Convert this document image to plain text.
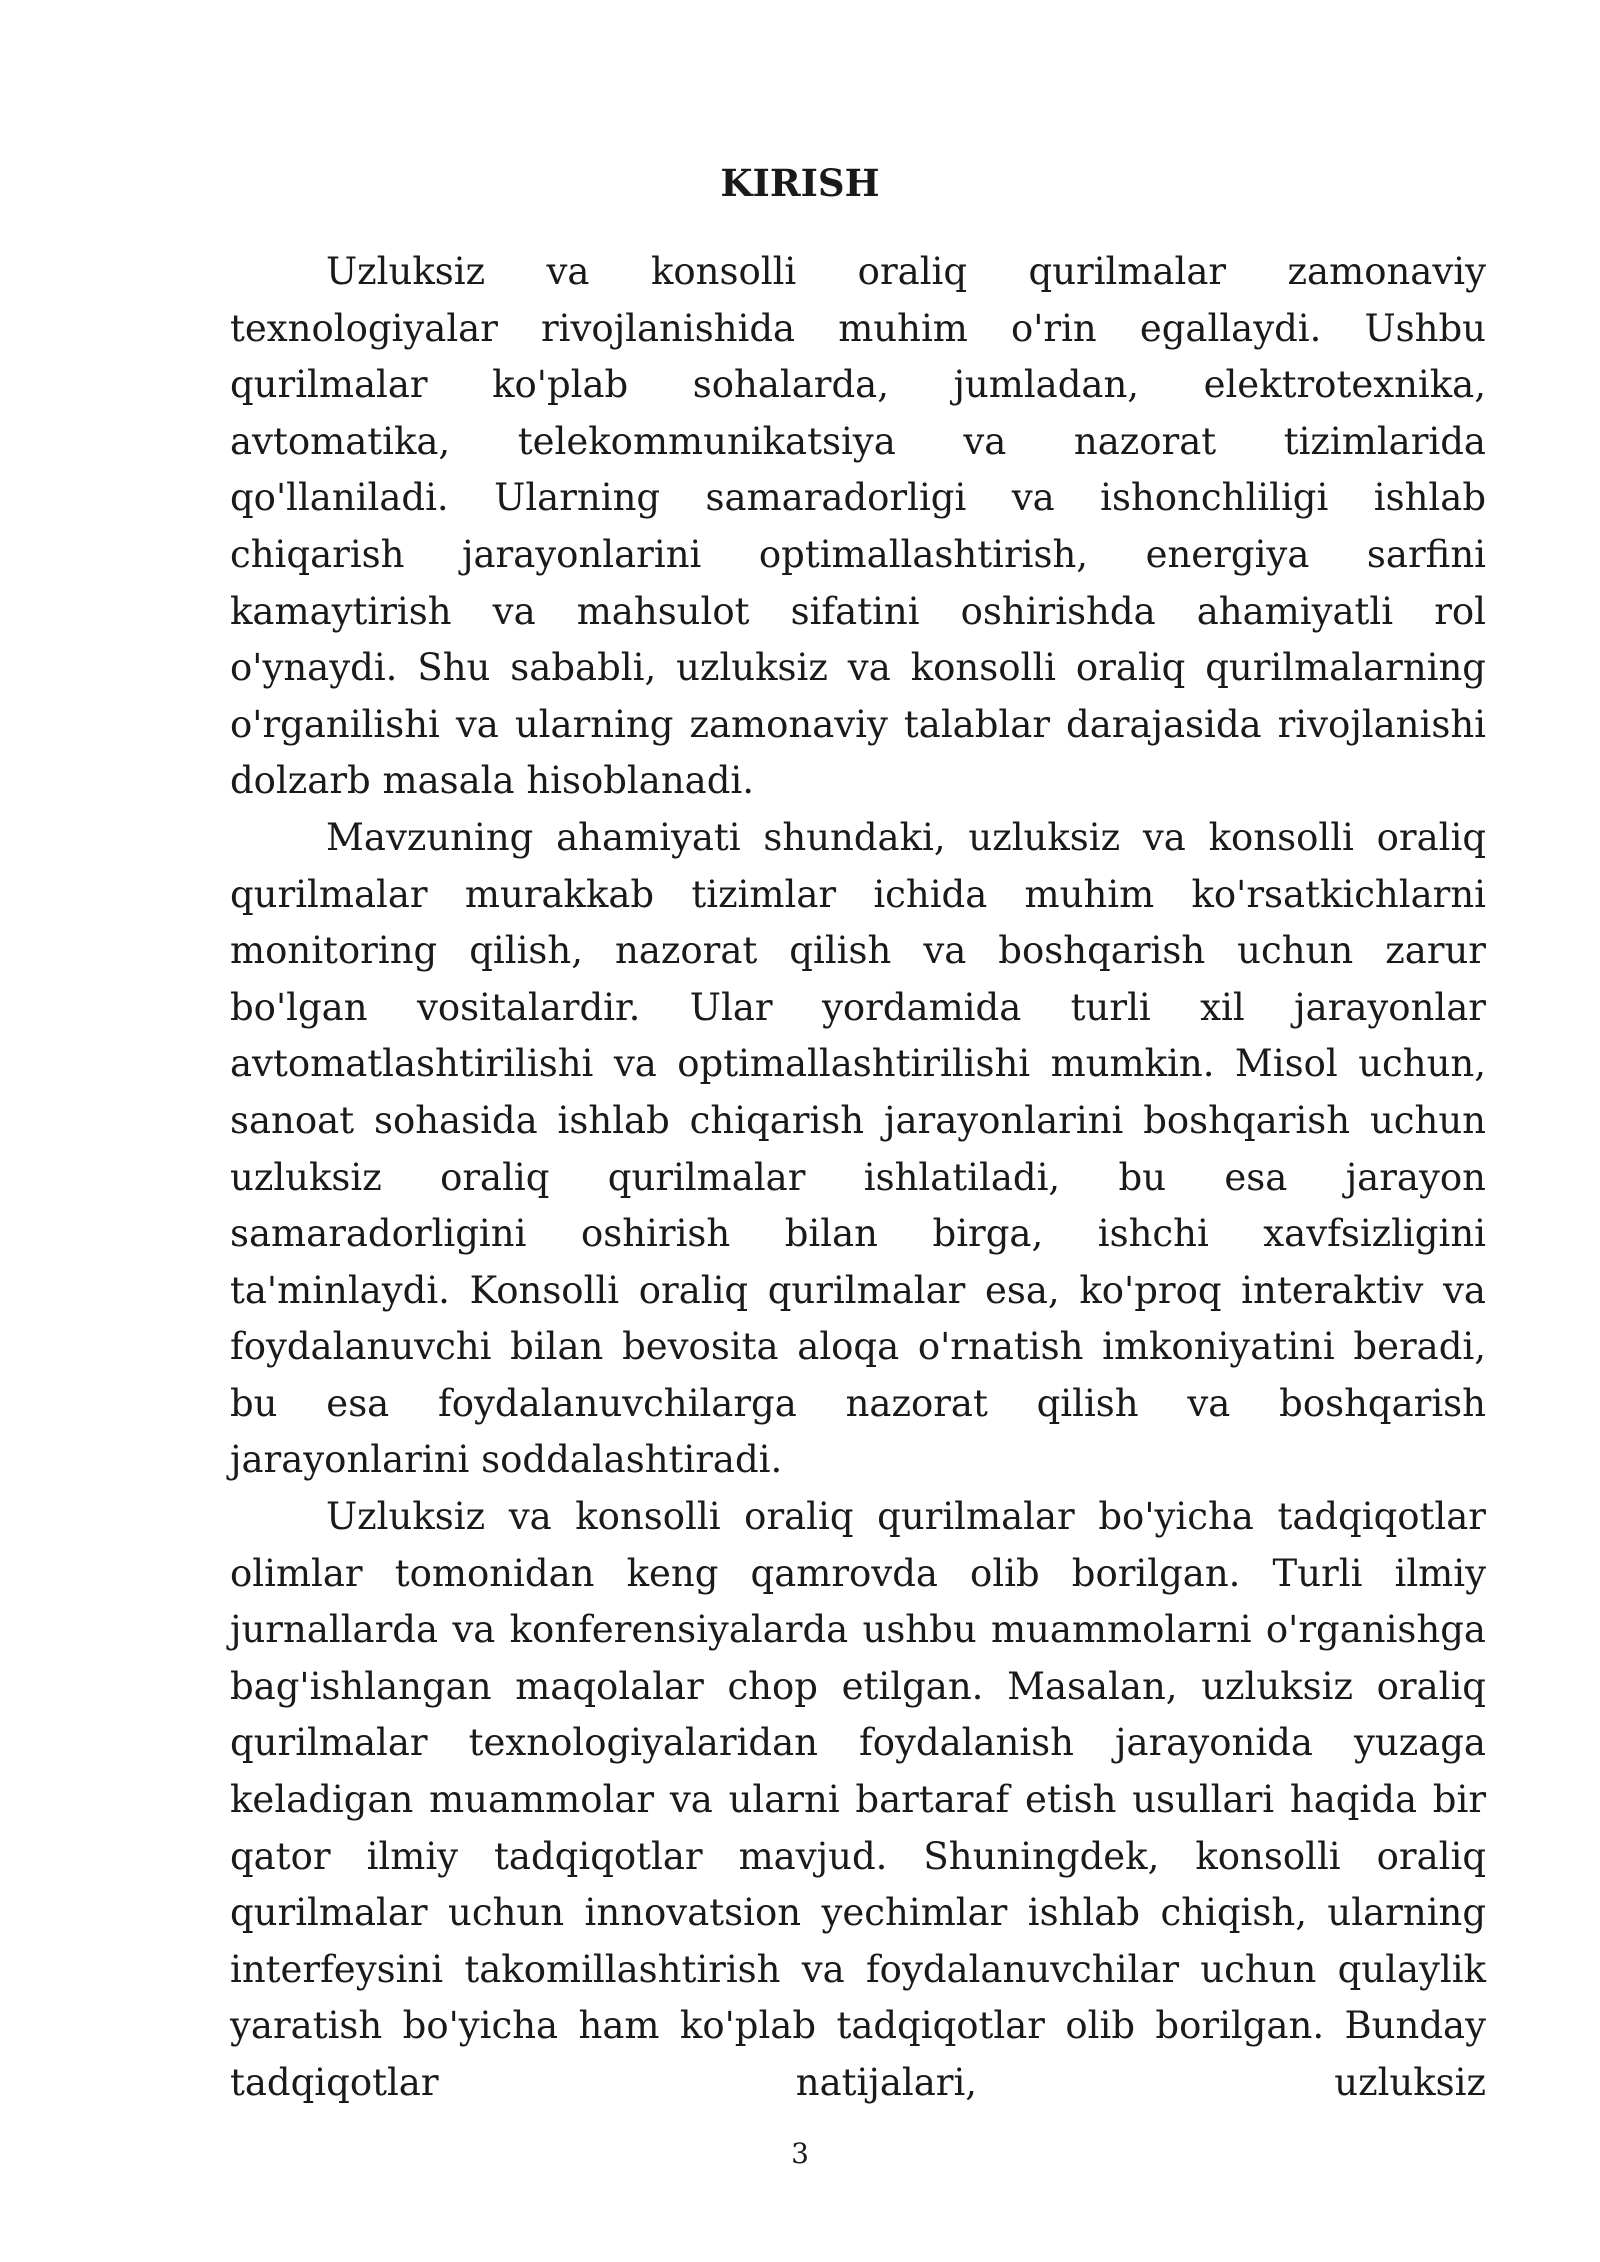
KIRISH

Uzluksiz va konsolli oraliq qurilmalar zamonaviy texnologiyalar rivojlanishida muhim o'rin egallaydi. Ushbu qurilmalar ko'plab sohalarda, jumladan, elektrotexnika, avtomatika, telekommunikatsiya va nazorat tizimlarida qo'llaniladi. Ularning samaradorligi va ishonchliligi ishlab chiqarish jarayonlarini optimallashtirish, energiya sarfini kamaytirish va mahsulot sifatini oshirishda ahamiyatli rol o'ynaydi. Shu sababli, uzluksiz va konsolli oraliq qurilmalarning o'rganilishi va ularning zamonaviy talablar darajasida rivojlanishi dolzarb masala hisoblanadi.

Mavzuning ahamiyati shundaki, uzluksiz va konsolli oraliq qurilmalar murakkab tizimlar ichida muhim ko'rsatkichlarni monitoring qilish, nazorat qilish va boshqarish uchun zarur bo'lgan vositalardir. Ular yordamida turli xil jarayonlar avtomatlashtirilishi va optimallashtirilishi mumkin. Misol uchun, sanoat sohasida ishlab chiqarish jarayonlarini boshqarish uchun uzluksiz oraliq qurilmalar ishlatiladi, bu esa jarayon samaradorligini oshirish bilan birga, ishchi xavfsizligini ta'minlaydi. Konsolli oraliq qurilmalar esa, ko'proq interaktiv va foydalanuvchi bilan bevosita aloqa o'rnatish imkoniyatini beradi, bu esa foydalanuvchilarga nazorat qilish va boshqarish jarayonlarini soddalashtiradi.

Uzluksiz va konsolli oraliq qurilmalar bo'yicha tadqiqotlar olimlar tomonidan keng qamrovda olib borilgan. Turli ilmiy jurnallarda va konferensiyalarda ushbu muammolarni o'rganishga bag'ishlangan maqolalar chop etilgan. Masalan, uzluksiz oraliq qurilmalar texnologiyalaridan foydalanish jarayonida yuzaga keladigan muammolar va ularni bartaraf etish usullari haqida bir qator ilmiy tadqiqotlar mavjud. Shuningdek, konsolli oraliq qurilmalar uchun innovatsion yechimlar ishlab chiqish, ularning interfeysini takomillashtirish va foydalanuvchilar uchun qulaylik yaratish bo'yicha ham ko'plab tadqiqotlar olib borilgan. Bunday tadqiqotlar natijalari, uzluksiz

3
